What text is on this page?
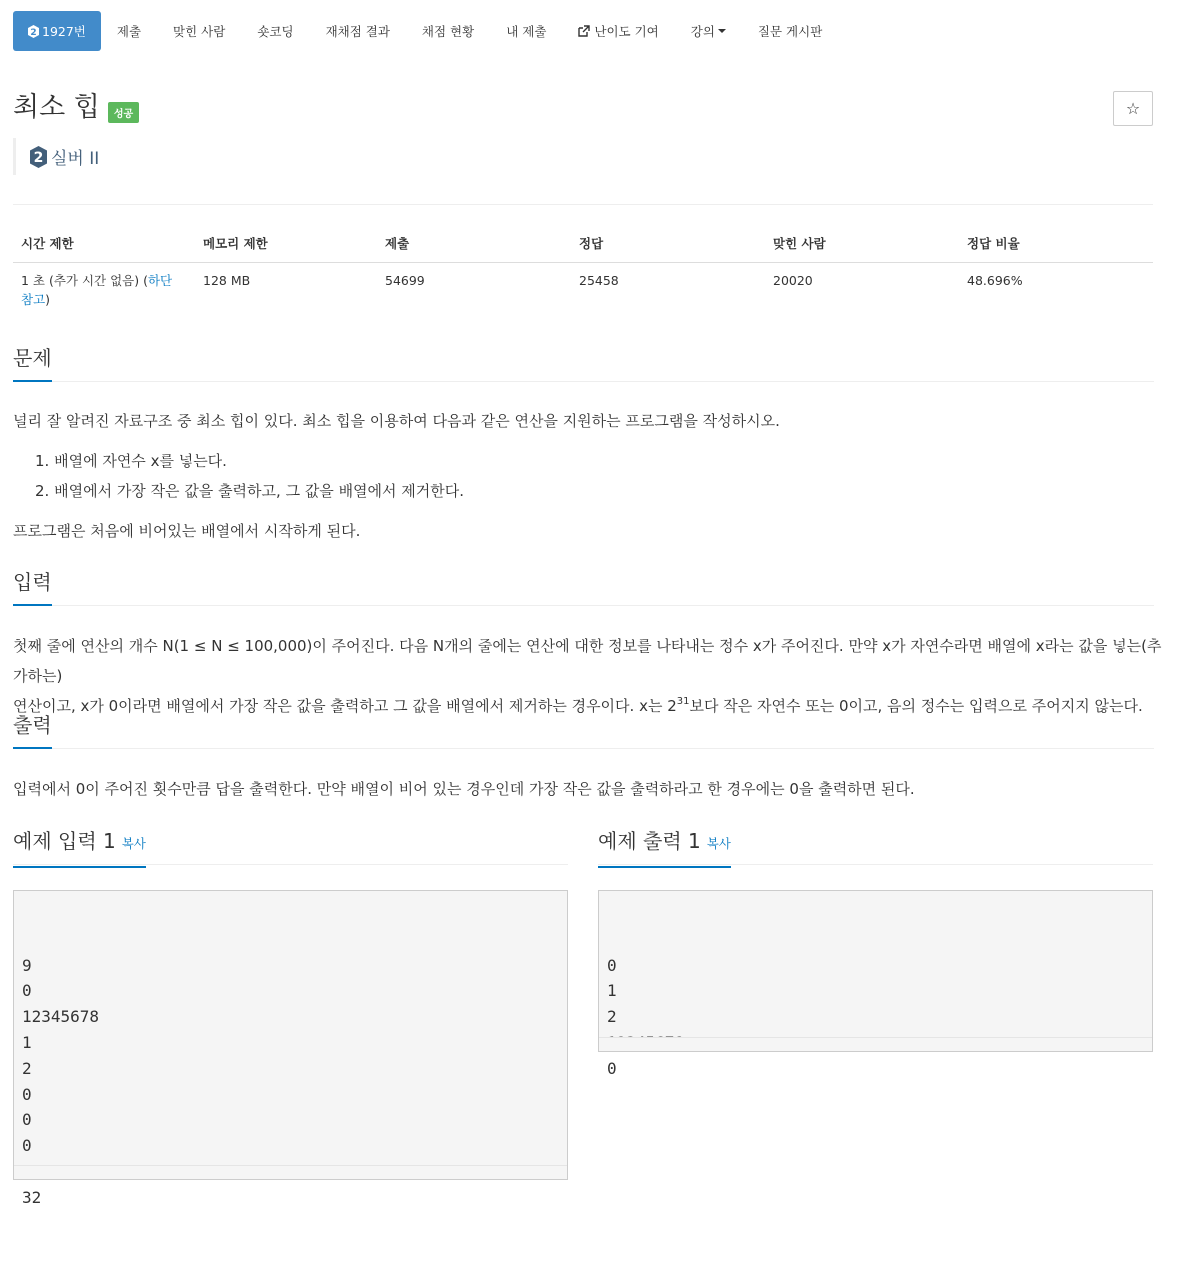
2 1927번 제출	맞힌 사람	숏코딩	재채점 결과	채점 현황	내 제출	난이도 기여	강의	질문 게시판
최소 힙	성공	☆
2 실버 II
시간 제한	메모리 제한	제출	정답	맞힌 사람	정답 비율
1 초 (추가 시간 없음) (하단 참고)	128 MB	54699	25458	20020	48.696%
문제
널리 잘 알려진 자료구조 중 최소 힙이 있다. 최소 힙을 이용하여 다음과 같은 연산을 지원하는 프로그램을 작성하시오.
1. 배열에 자연수 x를 넣는다.
2. 배열에서 가장 작은 값을 출력하고, 그 값을 배열에서 제거한다.
프로그램은 처음에 비어있는 배열에서 시작하게 된다.
입력
첫째 줄에 연산의 개수 N(1 ≤ N ≤ 100,000)이 주어진다. 다음 N개의 줄에는 연산에 대한 정보를 나타내는 정수 x가 주어진다. 만약 x가 자연수라면 배열에 x라는 값을 넣는(추가하는)
연산이고, x가 0이라면 배열에서 가장 작은 값을 출력하고 그 값을 배열에서 제거하는 경우이다. x는 $2^{31}$보다 작은 자연수 또는 0이고, 음의 정수는 입력으로 주어지지 않는다.
출력
입력에서 0이 주어진 횟수만큼 답을 출력한다. 만약 배열이 비어 있는 경우인데 가장 작은 값을 출력하라고 한 경우에는 0을 출력하면 된다.
예제 입력 1 복사

9
0
12345678
1
2
0
0
0

32

예제 출력 1 복사

0
1
2

0
